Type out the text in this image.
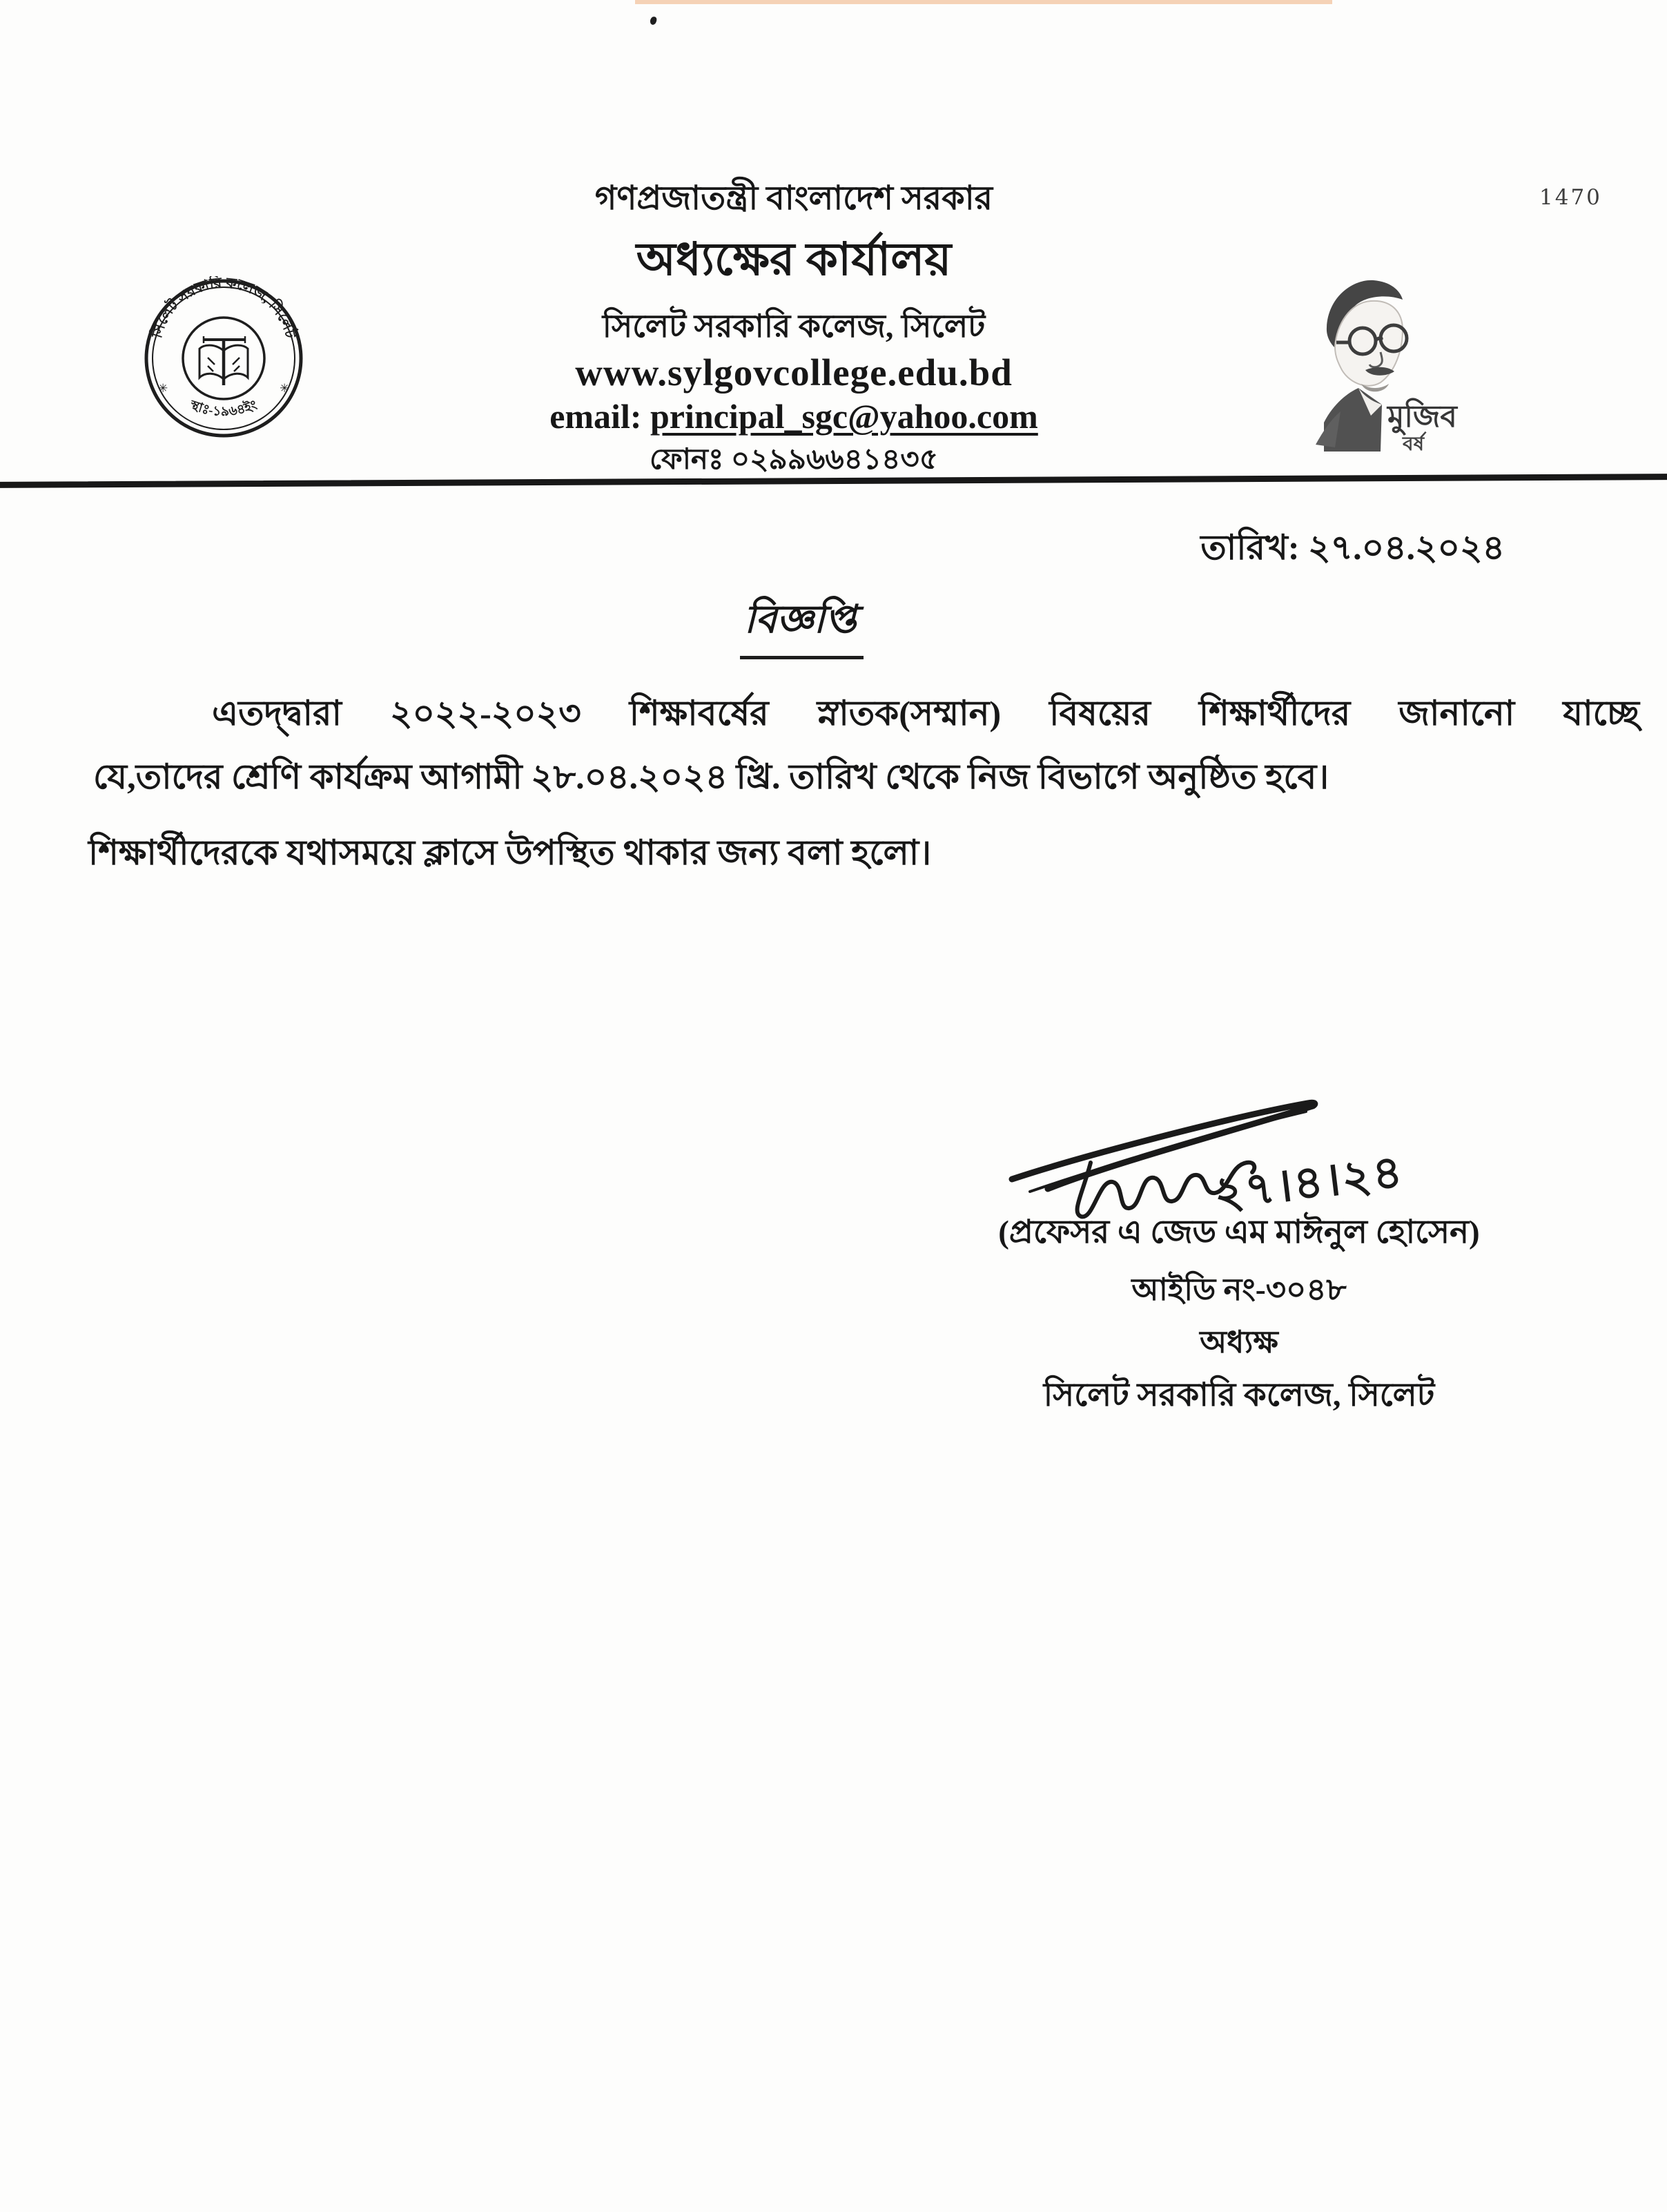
1470
গণপ্রজাতন্ত্রী বাংলাদেশ সরকার
অধ্যক্ষের কার্যালয়
সিলেট সরকারি কলেজ, সিলেট
www.sylgovcollege.edu.bd
email: principal_sgc@yahoo.com
ফোনঃ ০২৯৯৬৬৪১৪৩৫
সিলেট সরকারি কলেজ, সিলেট
স্থাঃ-১৯৬৪ইং
✳	✳
মুজিব
বর্ষ
তারিখ: ২৭.০৪.২০২৪
বিজ্ঞপ্তি
এতদ্দ্বারা ২০২২-২০২৩ শিক্ষাবর্ষের স্নাতক(সম্মান) বিষয়ের শিক্ষার্থীদের জানানো যাচ্ছে
যে,তাদের শ্রেণি কার্যক্রম আগামী ২৮.০৪.২০২৪ খ্রি. তারিখ থেকে নিজ বিভাগে অনুষ্ঠিত হবে।
শিক্ষার্থীদেরকে যথাসময়ে ক্লাসে উপস্থিত থাকার জন্য বলা হলো।
২৭।৪।২৪
(প্রফেসর এ জেড এম মাঈনুল হোসেন)
আইডি নং-৩০৪৮
অধ্যক্ষ
সিলেট সরকারি কলেজ, সিলেট
